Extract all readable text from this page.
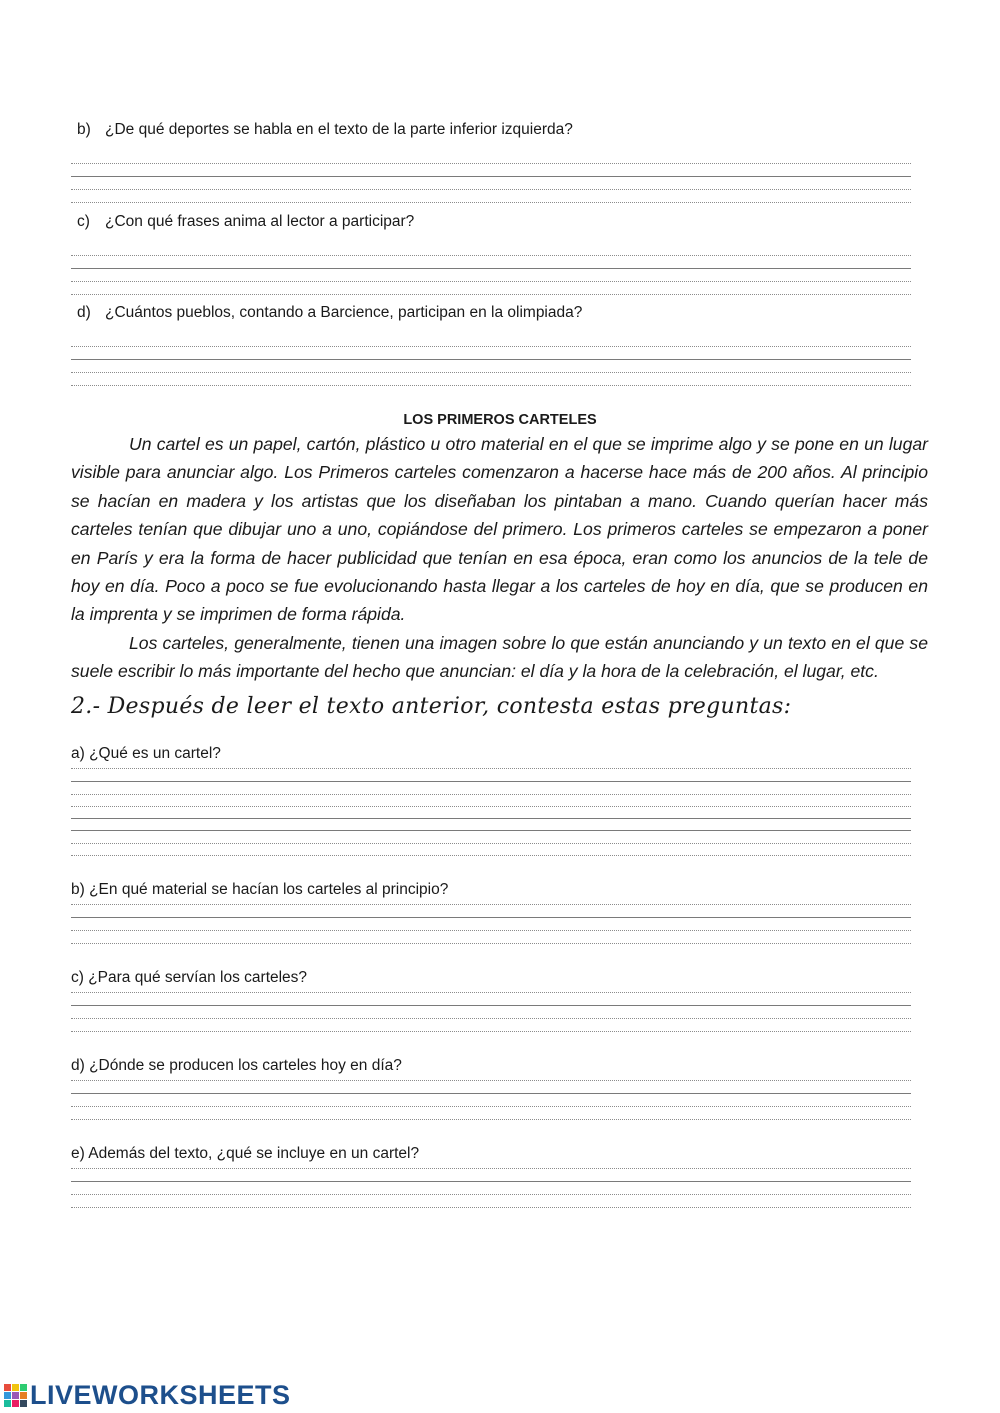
b) ¿De qué deportes se habla en el texto de la parte inferior izquierda?
c) ¿Con qué frases anima al lector a participar?
d) ¿Cuántos pueblos, contando a Barcience, participan en la olimpiada?
LOS PRIMEROS CARTELES

Un cartel es un papel, cartón, plástico u otro material en el que se imprime algo y se pone en un lugar visible para anunciar algo. Los Primeros carteles comenzaron a hacerse hace más de 200 años. Al principio se hacían en madera y los artistas que los diseñaban los pintaban a mano. Cuando querían hacer más carteles tenían que dibujar uno a uno, copiándose del primero. Los primeros carteles se empezaron a poner en París y era la forma de hacer publicidad que tenían en esa época, eran como los anuncios de la tele de hoy en día. Poco a poco se fue evolucionando hasta llegar a los carteles de hoy en día, que se producen en la imprenta y se imprimen de forma rápida.

Los carteles, generalmente, tienen una imagen sobre lo que están anunciando y un texto en el que se suele escribir lo más importante del hecho que anuncian: el día y la hora de la celebración, el lugar, etc.

2.- Después de leer el texto anterior, contesta estas preguntas:
a) ¿Qué es un cartel?
b) ¿En qué material se hacían los carteles al principio?
c) ¿Para qué servían los carteles?
d) ¿Dónde se producen los carteles hoy en día?
e) Además del texto, ¿qué se incluye en un cartel?
LIVEWORKSHEETS
